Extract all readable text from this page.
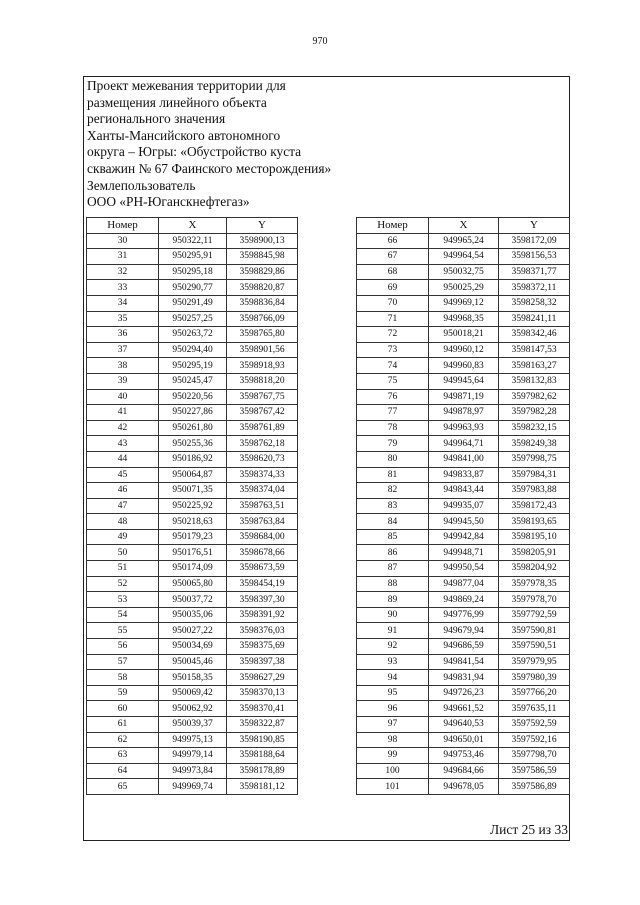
970
Проект межевания территории для
размещения линейного объекта
регионального значения
Ханты-Мансийского автономного
округа – Югры: «Обустройство куста
скважин № 67 Фаинского месторождения»
Землепользователь
ООО «РН-Юганскнефтегаз»
Номер	X	Y
30	950322,11	3598900,13
31	950295,91	3598845,98
32	950295,18	3598829,86
33	950290,77	3598820,87
34	950291,49	3598836,84
35	950257,25	3598766,09
36	950263,72	3598765,80
37	950294,40	3598901,56
38	950295,19	3598918,93
39	950245,47	3598818,20
40	950220,56	3598767,75
41	950227,86	3598767,42
42	950261,80	3598761,89
43	950255,36	3598762,18
44	950186,92	3598620,73
45	950064,87	3598374,33
46	950071,35	3598374,04
47	950225,92	3598763,51
48	950218,63	3598763,84
49	950179,23	3598684,00
50	950176,51	3598678,66
51	950174,09	3598673,59
52	950065,80	3598454,19
53	950037,72	3598397,30
54	950035,06	3598391,92
55	950027,22	3598376,03
56	950034,69	3598375,69
57	950045,46	3598397,38
58	950158,35	3598627,29
59	950069,42	3598370,13
60	950062,92	3598370,41
61	950039,37	3598322,87
62	949975,13	3598190,85
63	949979,14	3598188,64
64	949973,84	3598178,89
65	949969,74	3598181,12
Номер	X	Y
66	949965,24	3598172,09
67	949964,54	3598156,53
68	950032,75	3598371,77
69	950025,29	3598372,11
70	949969,12	3598258,32
71	949968,35	3598241,11
72	950018,21	3598342,46
73	949960,12	3598147,53
74	949960,83	3598163,27
75	949945,64	3598132,83
76	949871,19	3597982,62
77	949878,97	3597982,28
78	949963,93	3598232,15
79	949964,71	3598249,38
80	949841,00	3597998,75
81	949833,87	3597984,31
82	949843,44	3597983,88
83	949935,07	3598172,43
84	949945,50	3598193,65
85	949942,84	3598195,10
86	949948,71	3598205,91
87	949950,54	3598204,92
88	949877,04	3597978,35
89	949869,24	3597978,70
90	949776,99	3597792,59
91	949679,94	3597590,81
92	949686,59	3597590,51
93	949841,54	3597979,95
94	949831,94	3597980,39
95	949726,23	3597766,20
96	949661,52	3597635,11
97	949640,53	3597592,59
98	949650,01	3597592,16
99	949753,46	3597798,70
100	949684,66	3597586,59
101	949678,05	3597586,89
Лист 25 из 33
